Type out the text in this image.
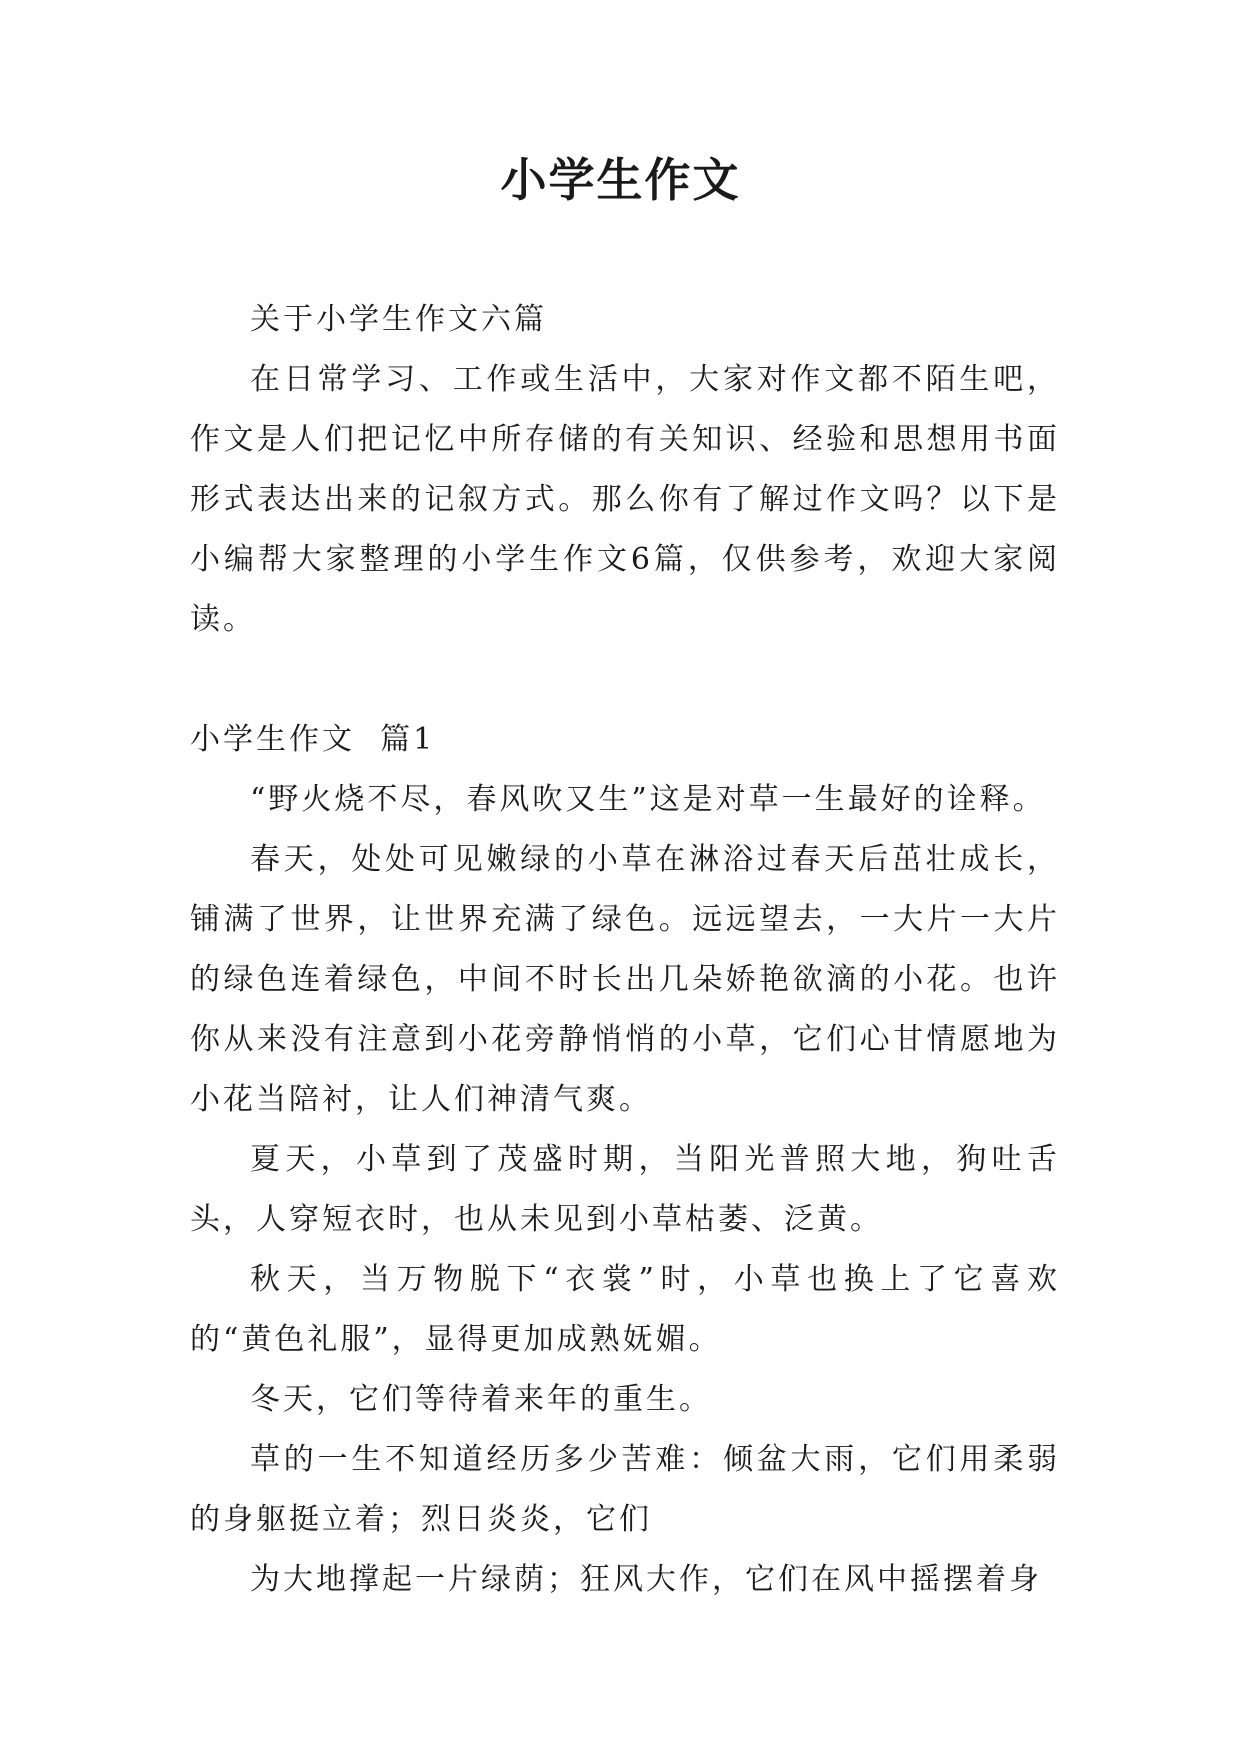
小学生作文

关于小学生作文六篇

在日常学习、工作或生活中，大家对作文都不陌生吧，作文是人们把记忆中所存储的有关知识、经验和思想用书面形式表达出来的记叙方式。那么你有了解过作文吗？以下是小编帮大家整理的小学生作文6篇，仅供参考，欢迎大家阅读。

小学生作文  篇1

“野火烧不尽，春风吹又生”这是对草一生最好的诠释。

春天，处处可见嫩绿的小草在淋浴过春天后茁壮成长，铺满了世界，让世界充满了绿色。远远望去，一大片一大片的绿色连着绿色，中间不时长出几朵娇艳欲滴的小花。也许你从来没有注意到小花旁静悄悄的小草，它们心甘情愿地为小花当陪衬，让人们神清气爽。

夏天，小草到了茂盛时期，当阳光普照大地，狗吐舌头，人穿短衣时，也从未见到小草枯萎、泛黄。

秋天，当万物脱下“衣裳”时，小草也换上了它喜欢的“黄色礼服”，显得更加成熟妩媚。

冬天，它们等待着来年的重生。

草的一生不知道经历多少苦难：倾盆大雨，它们用柔弱的身躯挺立着；烈日炎炎，它们

为大地撑起一片绿荫；狂风大作，它们在风中摇摆着身
